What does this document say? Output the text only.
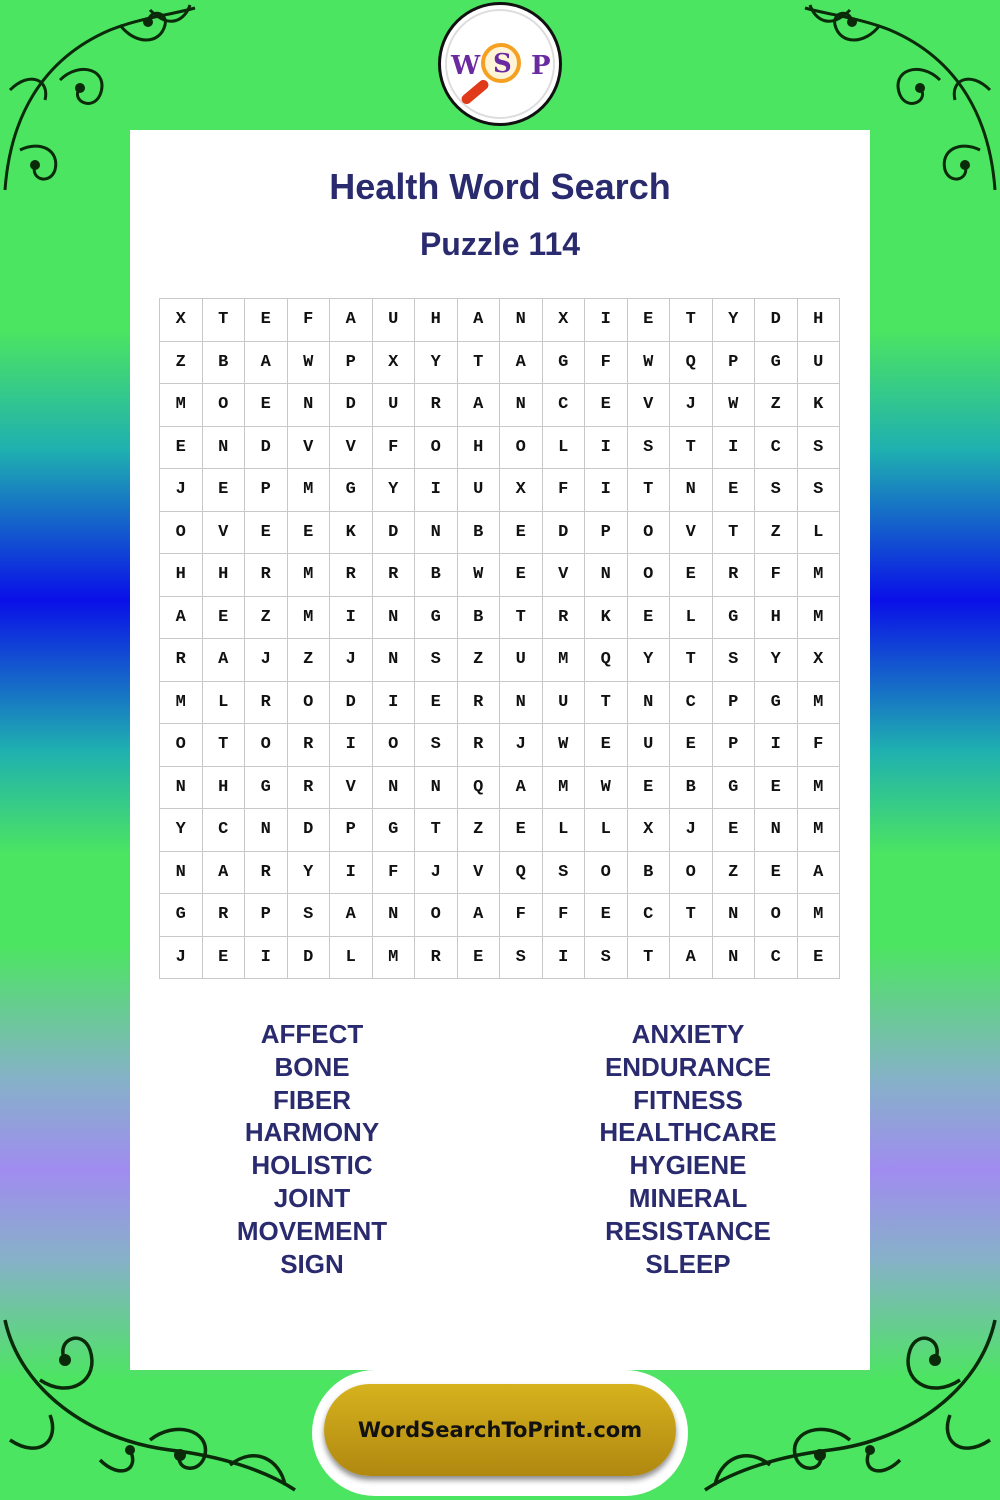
W S P
Health Word Search
Puzzle 114
X	T	E	F	A	U	H	A	N	X	I	E	T	Y	D	H
Z	B	A	W	P	X	Y	T	A	G	F	W	Q	P	G	U
M	O	E	N	D	U	R	A	N	C	E	V	J	W	Z	K
E	N	D	V	V	F	O	H	O	L	I	S	T	I	C	S
J	E	P	M	G	Y	I	U	X	F	I	T	N	E	S	S
O	V	E	E	K	D	N	B	E	D	P	O	V	T	Z	L
H	H	R	M	R	R	B	W	E	V	N	O	E	R	F	M
A	E	Z	M	I	N	G	B	T	R	K	E	L	G	H	M
R	A	J	Z	J	N	S	Z	U	M	Q	Y	T	S	Y	X
M	L	R	O	D	I	E	R	N	U	T	N	C	P	G	M
O	T	O	R	I	O	S	R	J	W	E	U	E	P	I	F
N	H	G	R	V	N	N	Q	A	M	W	E	B	G	E	M
Y	C	N	D	P	G	T	Z	E	L	L	X	J	E	N	M
N	A	R	Y	I	F	J	V	Q	S	O	B	O	Z	E	A
G	R	P	S	A	N	O	A	F	F	E	C	T	N	O	M
J	E	I	D	L	M	R	E	S	I	S	T	A	N	C	E
AFFECT
BONE
FIBER
HARMONY
HOLISTIC
JOINT
MOVEMENT
SIGN
ANXIETY
ENDURANCE
FITNESS
HEALTHCARE
HYGIENE
MINERAL
RESISTANCE
SLEEP
WordSearchToPrint.com
